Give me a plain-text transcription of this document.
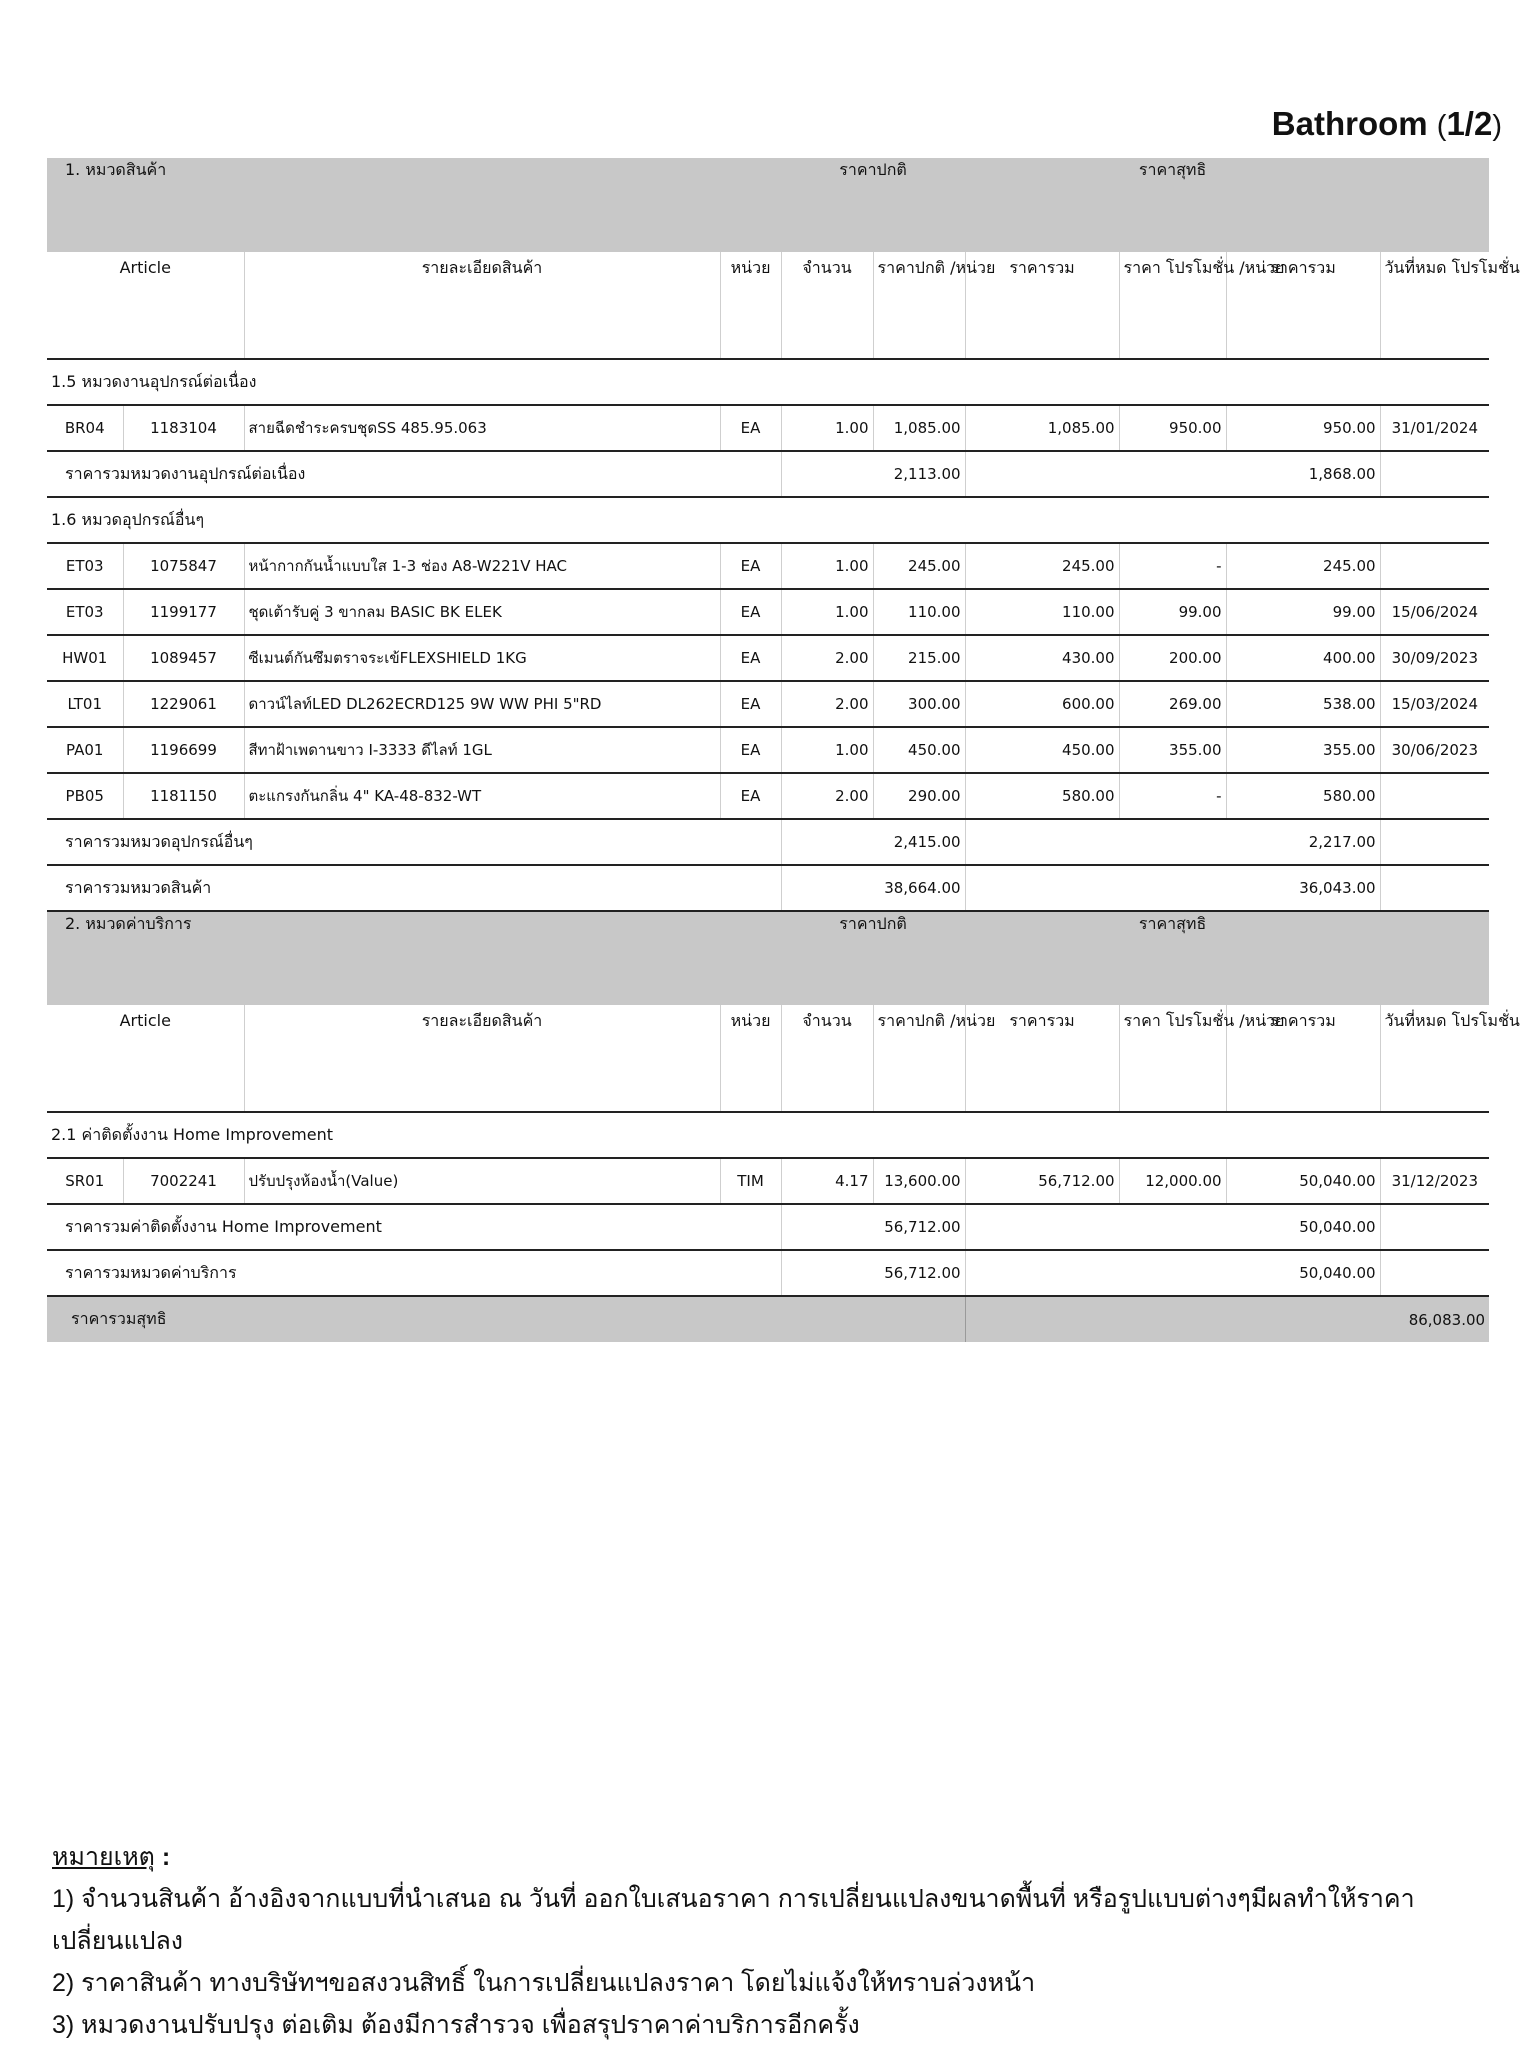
Bathroom (1/2)
1. หมวดสินค้า				ราคาปกติ		ราคาสุทธิ			
Article		รายละเอียดสินค้า	หน่วย	จำนวน	ราคาปกติ /หน่วย	ราคารวม	ราคา โปรโมชั่น /หน่วย	ราคารวม	วันที่หมด โปรโมชั่น
1.5 หมวดงานอุปกรณ์ต่อเนื่อง									
BR04	1183104	สายฉีดชำระครบชุดSS 485.95.063	EA	1.00	1,085.00	1,085.00	950.00	950.00	31/01/2024
ราคารวมหมวดงานอุปกรณ์ต่อเนื่อง				2,113.00		1,868.00			
1.6 หมวดอุปกรณ์อื่นๆ									
ET03	1075847	หน้ากากกันน้ำแบบใส 1-3 ช่อง A8-W221V HAC	EA	1.00	245.00	245.00	-	245.00	
ET03	1199177	ชุดเต้ารับคู่ 3 ขากลม BASIC BK ELEK	EA	1.00	110.00	110.00	99.00	99.00	15/06/2024
HW01	1089457	ซีเมนต์กันซึมตราจระเข้FLEXSHIELD 1KG	EA	2.00	215.00	430.00	200.00	400.00	30/09/2023
LT01	1229061	ดาวน์ไลท์LED DL262ECRD125 9W WW PHI 5"RD	EA	2.00	300.00	600.00	269.00	538.00	15/03/2024
PA01	1196699	สีทาฝ้าเพดานขาว I-3333 ดีไลท์ 1GL	EA	1.00	450.00	450.00	355.00	355.00	30/06/2023
PB05	1181150	ตะแกรงกันกลิ่น 4" KA-48-832-WT	EA	2.00	290.00	580.00	-	580.00	
ราคารวมหมวดอุปกรณ์อื่นๆ				2,415.00		2,217.00			
ราคารวมหมวดสินค้า				38,664.00		36,043.00			
2. หมวดค่าบริการ				ราคาปกติ		ราคาสุทธิ			
Article		รายละเอียดสินค้า	หน่วย	จำนวน	ราคาปกติ /หน่วย	ราคารวม	ราคา โปรโมชั่น /หน่วย	ราคารวม	วันที่หมด โปรโมชั่น
2.1 ค่าติดตั้งงาน Home Improvement									
SR01	7002241	ปรับปรุงห้องน้ำ(Value)	TIM	4.17	13,600.00	56,712.00	12,000.00	50,040.00	31/12/2023
ราคารวมค่าติดตั้งงาน Home Improvement				56,712.00		50,040.00			
ราคารวมหมวดค่าบริการ				56,712.00		50,040.00			
ราคารวมสุทธิ						86,083.00			
หมายเหตุ :
1) จำนวนสินค้า อ้างอิงจากแบบที่นำเสนอ ณ วันที่ ออกใบเสนอราคา การเปลี่ยนแปลงขนาดพื้นที่ หรือรูปแบบต่างๆมีผลทำให้ราคาเปลี่ยนแปลง
2) ราคาสินค้า ทางบริษัทฯขอสงวนสิทธิ์ ในการเปลี่ยนแปลงราคา โดยไม่แจ้งให้ทราบล่วงหน้า
3) หมวดงานปรับปรุง ต่อเติม ต้องมีการสำรวจ เพื่อสรุปราคาค่าบริการอีกครั้ง
